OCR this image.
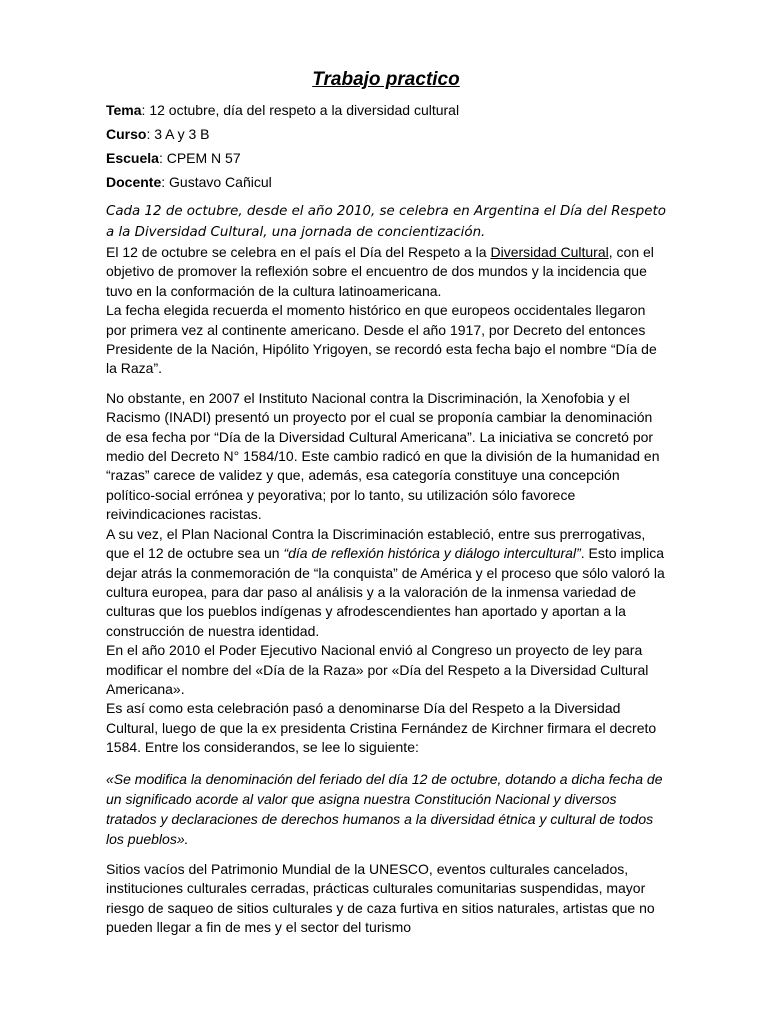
Trabajo practico

Tema: 12 octubre, día del respeto a la diversidad cultural

Curso: 3 A y 3 B

Escuela: CPEM N 57

Docente: Gustavo Cañicul

Cada 12 de octubre, desde el año 2010, se celebra en Argentina el Día del Respeto a la Diversidad Cultural, una jornada de concientización.

El 12 de octubre se celebra en el país el Día del Respeto a la Diversidad Cultural, con el objetivo de promover la reflexión sobre el encuentro de dos mundos y la incidencia que tuvo en la conformación de la cultura latinoamericana.

La fecha elegida recuerda el momento histórico en que europeos occidentales llegaron por primera vez al continente americano. Desde el año 1917, por Decreto del entonces Presidente de la Nación, Hipólito Yrigoyen, se recordó esta fecha bajo el nombre “Día de la Raza”.

No obstante, en 2007 el Instituto Nacional contra la Discriminación, la Xenofobia y el Racismo (INADI) presentó un proyecto por el cual se proponía cambiar la denominación de esa fecha por “Día de la Diversidad Cultural Americana”. La iniciativa se concretó por medio del Decreto N° 1584/10. Este cambio radicó en que la división de la humanidad en “razas” carece de validez y que, además, esa categoría constituye una concepción político-social errónea y peyorativa; por lo tanto, su utilización sólo favorece reivindicaciones racistas.

A su vez, el Plan Nacional Contra la Discriminación estableció, entre sus prerrogativas, que el 12 de octubre sea un “día de reflexión histórica y diálogo intercultural”. Esto implica dejar atrás la conmemoración de “la conquista” de América y el proceso que sólo valoró la cultura europea, para dar paso al análisis y a la valoración de la inmensa variedad de culturas que los pueblos indígenas y afrodescendientes han aportado y aportan a la construcción de nuestra identidad.

En el año 2010 el Poder Ejecutivo Nacional envió al Congreso un proyecto de ley para modificar el nombre del «Día de la Raza» por «Día del Respeto a la Diversidad Cultural Americana».

Es así como esta celebración pasó a denominarse Día del Respeto a la Diversidad Cultural, luego de que la ex presidenta Cristina Fernández de Kirchner firmara el decreto 1584. Entre los considerandos, se lee lo siguiente:

«Se modifica la denominación del feriado del día 12 de octubre, dotando a dicha fecha de un significado acorde al valor que asigna nuestra Constitución Nacional y diversos tratados y declaraciones de derechos humanos a la diversidad étnica y cultural de todos los pueblos».

Sitios vacíos del Patrimonio Mundial de la UNESCO, eventos culturales cancelados, instituciones culturales cerradas, prácticas culturales comunitarias suspendidas, mayor riesgo de saqueo de sitios culturales y de caza furtiva en sitios naturales, artistas que no pueden llegar a fin de mes y el sector del turismo
